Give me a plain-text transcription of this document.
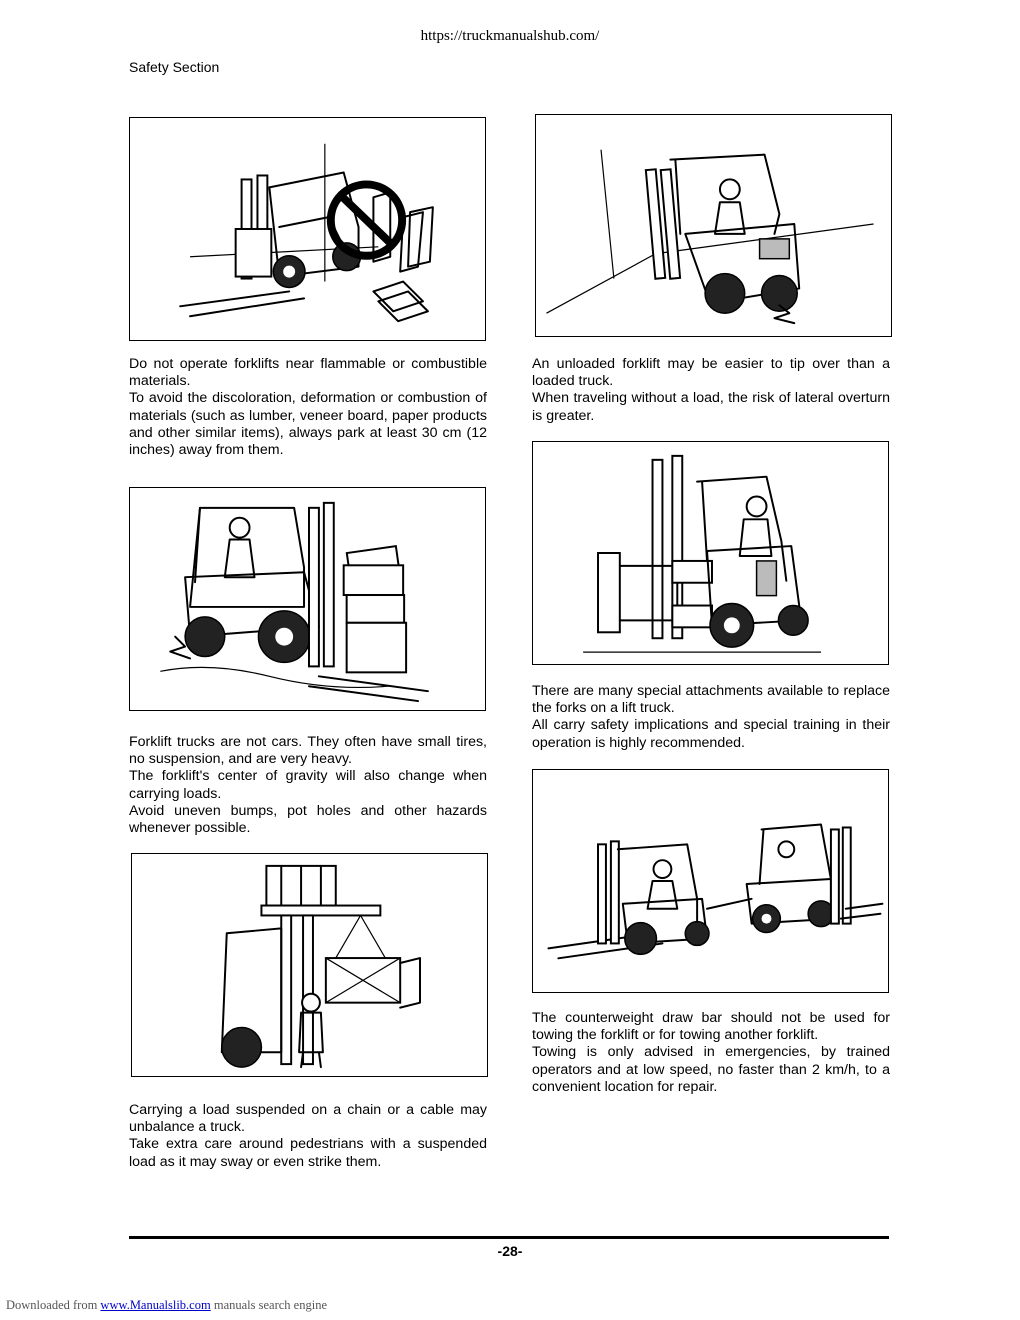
https://truckmanualshub.com/
Safety Section

Do not operate forklifts near flammable or combustible materials.

To avoid the discoloration, deformation or combustion of materials (such as lumber, veneer board, paper products and other similar items), always park at least 30 cm (12 inches) away from them.

Forklift trucks are not cars. They often have small tires, no suspension, and are very heavy.

The forklift's center of gravity will also change when carrying loads.

Avoid uneven bumps, pot holes and other hazards whenever possible.

Carrying a load suspended on a chain or a cable may unbalance a truck.

Take extra care around pedestrians with a suspended load as it may sway or even strike them.

An unloaded forklift may be easier to tip over than a loaded truck.

When traveling without a load, the risk of lateral overturn is greater.

There are many special attachments available to replace the forks on a lift truck.

All carry safety implications and special training in their operation is highly recommended.

The counterweight draw bar should not be used for towing the forklift or for towing another forklift.

Towing is only advised in emergencies, by trained operators and at low speed, no faster than 2 km/h, to a convenient location for repair.

-28-
Downloaded from www.Manualslib.com manuals search engine
